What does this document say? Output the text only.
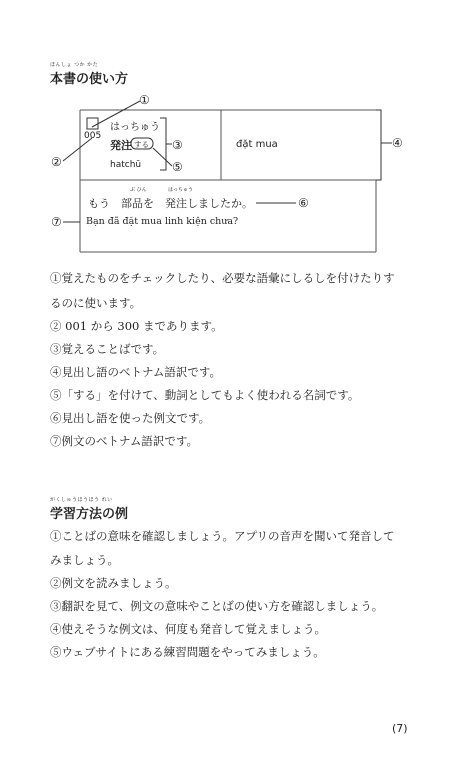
ほんしょ つか かた
本書の使い方
①
②
③	④
⑤
⑥
⑦
005
はっちゅう
発注 する
hatchū
đặt mua
ぶ ひん	はっちゅう
もう　部品を　発注しましたか。
Bạn đã đặt mua linh kiện chưa?
①覚えたものをチェックしたり、必要な語彙にしるしを付けたりす
るのに使います。
② 001 から 300 まであります。
③覚えることばです。
④見出し語のベトナム語訳です。
⑤「する」を付けて、動詞としてもよく使われる名詞です。
⑥見出し語を使った例文です。
⑦例文のベトナム語訳です。
がくしゅうほうほう れい
学習方法の例
①ことばの意味を確認しましょう。アプリの音声を聞いて発音して
みましょう。
②例文を読みましょう。
③翻訳を見て、例文の意味やことばの使い方を確認しましょう。
④使えそうな例文は、何度も発音して覚えましょう。
⑤ウェブサイトにある練習問題をやってみましょう。
(7)
